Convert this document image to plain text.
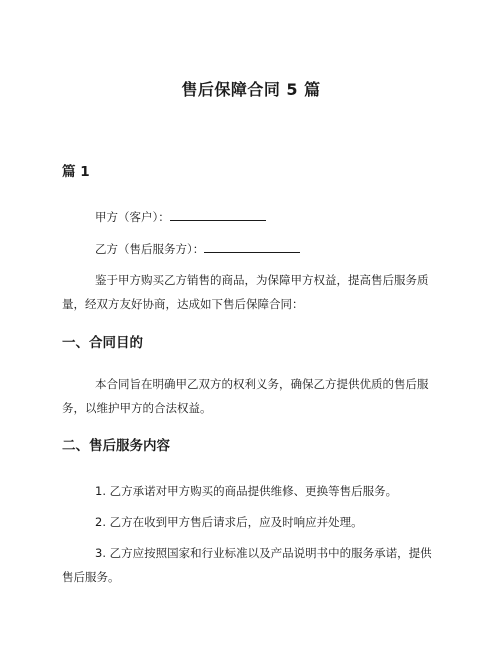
售后保障合同 5 篇
篇 1
甲方（客户）：
乙方（售后服务方）：

鉴于甲方购买乙方销售的商品，为保障甲方权益，提高售后服务质量，经双方友好协商，达成如下售后保障合同：

一、合同目的

本合同旨在明确甲乙双方的权利义务，确保乙方提供优质的售后服务，以维护甲方的合法权益。

二、售后服务内容

1. 乙方承诺对甲方购买的商品提供维修、更换等售后服务。

2. 乙方在收到甲方售后请求后，应及时响应并处理。

3. 乙方应按照国家和行业标准以及产品说明书中的服务承诺，提供售后服务。
